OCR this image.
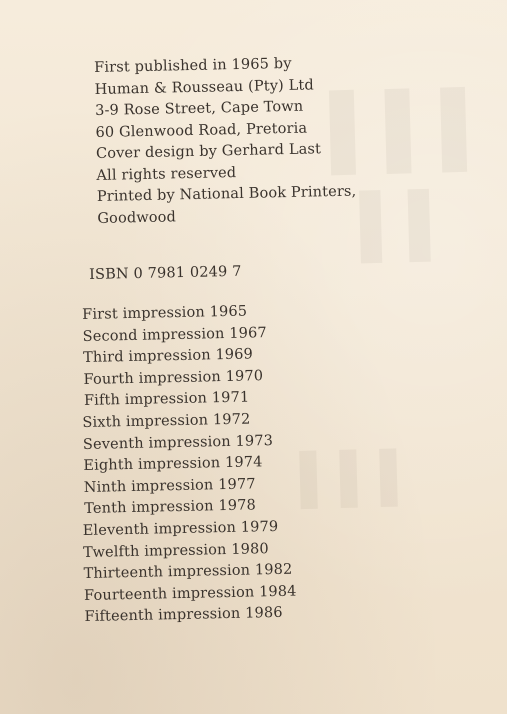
▌▌▌
▌▌
▌▌▌
First published in 1965 by
Human & Rousseau (Pty) Ltd
3-9 Rose Street, Cape Town
60 Glenwood Road, Pretoria
Cover design by Gerhard Last
All rights reserved
Printed by National Book Printers,
Goodwood
ISBN 0 7981 0249 7
First impression 1965
Second impression 1967
Third impression 1969
Fourth impression 1970
Fifth impression 1971
Sixth impression 1972
Seventh impression 1973
Eighth impression 1974
Ninth impression 1977
Tenth impression 1978
Eleventh impression 1979
Twelfth impression 1980
Thirteenth impression 1982
Fourteenth impression 1984
Fifteenth impression 1986
